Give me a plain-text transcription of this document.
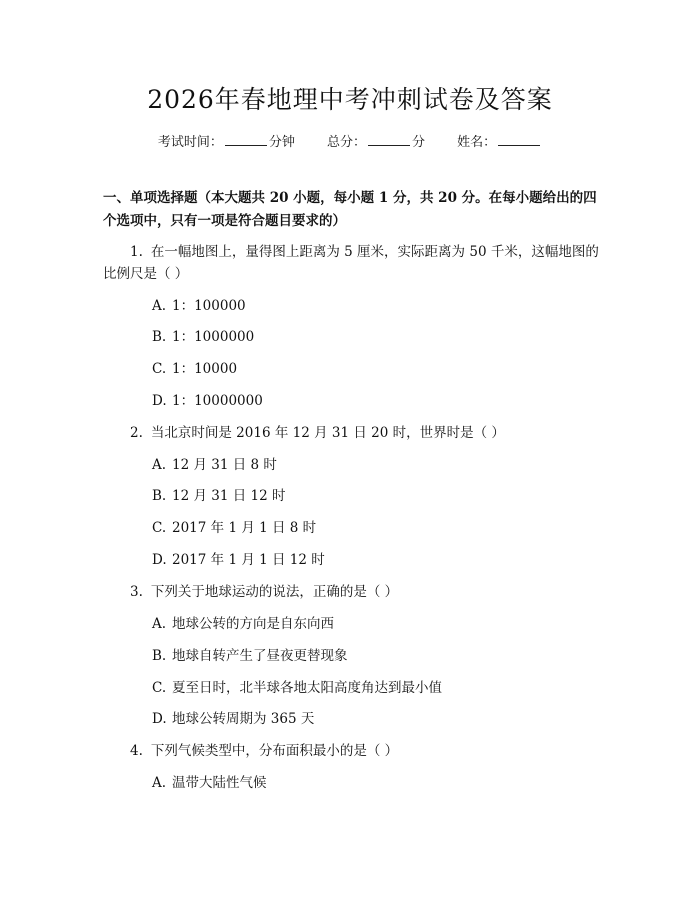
2026年春地理中考冲刺试卷及答案
考试时间：	分钟 总分：	分 姓名：
一、单项选择题（本大题共 20 小题，每小题 1 分，共 20 分。在每小题给出的四个选项中，只有一项是符合题目要求的）
1. 在一幅地图上，量得图上距离为 5 厘米，实际距离为 50 千米，这幅地图的比例尺是（ ）
A. 1：100000
B. 1：1000000
C. 1：10000
D. 1：10000000
2. 当北京时间是 2016 年 12 月 31 日 20 时，世界时是（ ）
A. 12 月 31 日 8 时
B. 12 月 31 日 12 时
C. 2017 年 1 月 1 日 8 时
D. 2017 年 1 月 1 日 12 时
3. 下列关于地球运动的说法，正确的是（ ）
A. 地球公转的方向是自东向西
B. 地球自转产生了昼夜更替现象
C. 夏至日时，北半球各地太阳高度角达到最小值
D. 地球公转周期为 365 天
4. 下列气候类型中，分布面积最小的是（ ）
A. 温带大陆性气候
